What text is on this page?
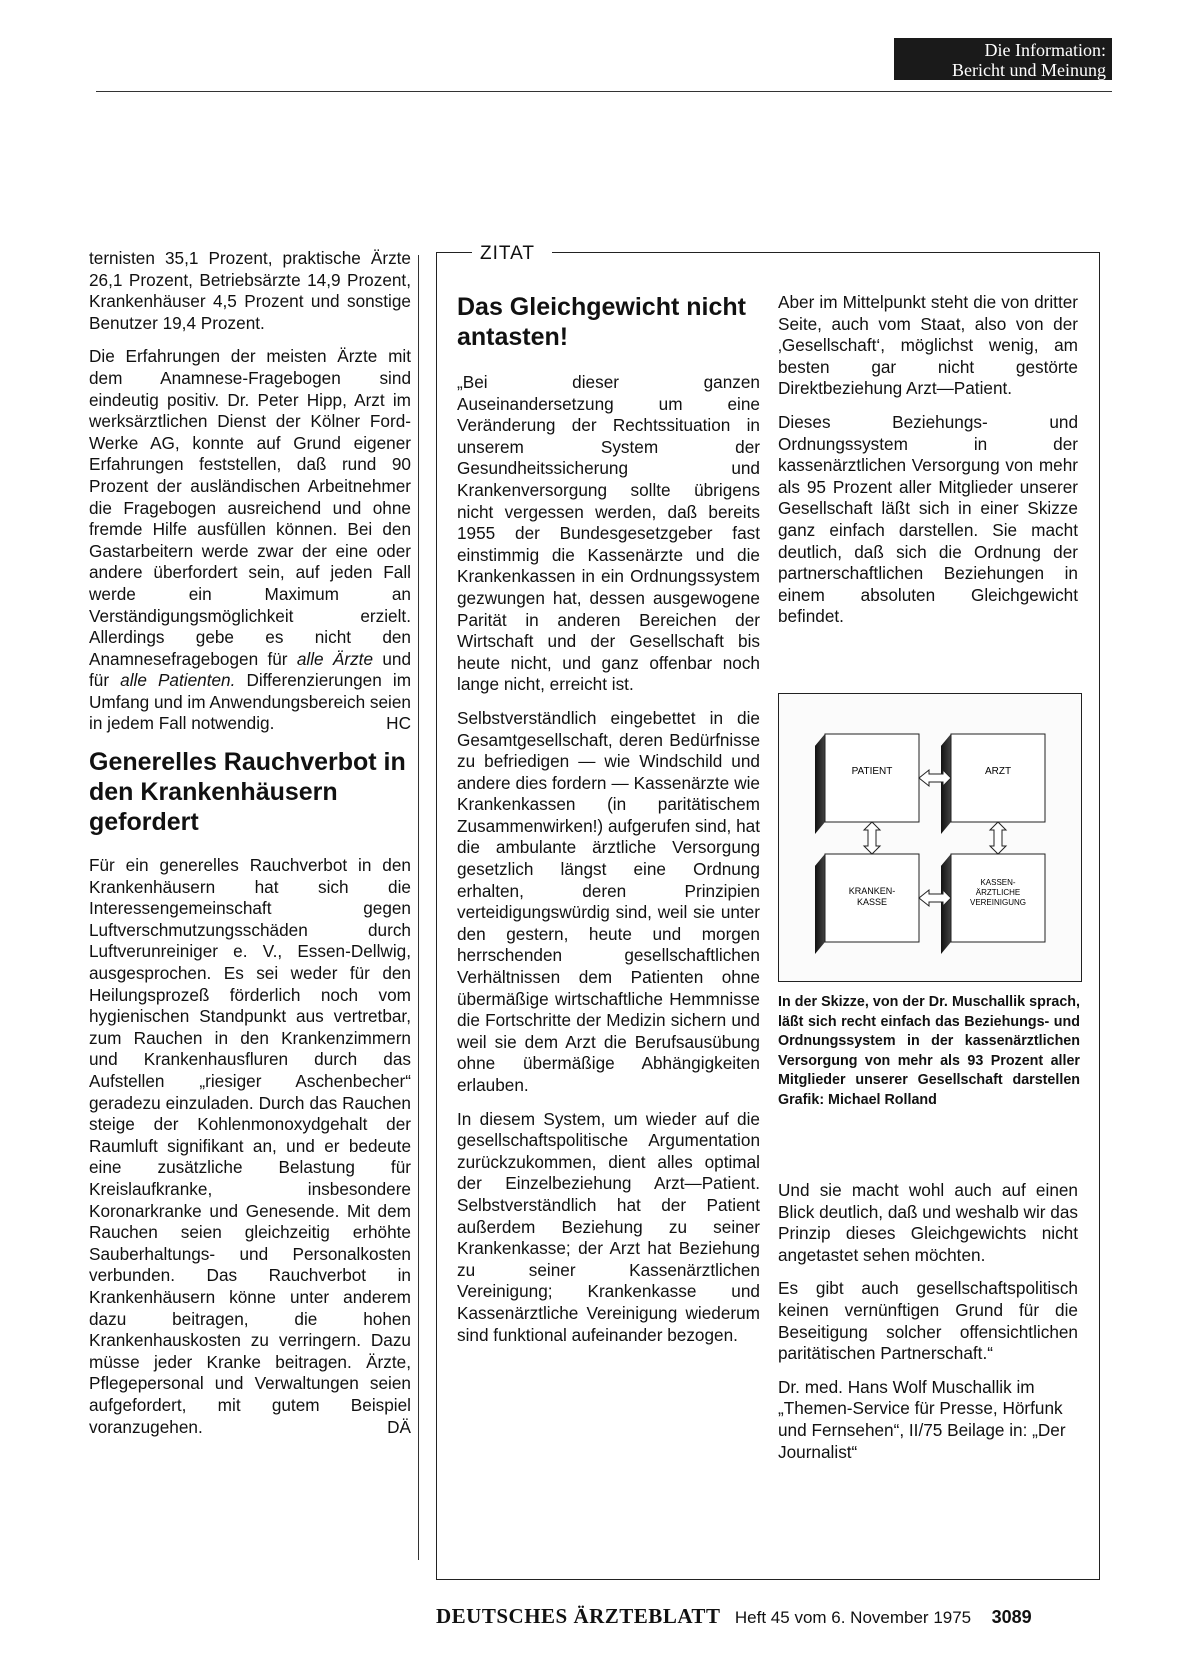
Die Information:
Bericht und Meinung

ternisten 35,1 Prozent, praktische Ärzte 26,1 Prozent, Betriebsärzte 14,9 Prozent, Krankenhäuser 4,5 Prozent und sonstige Benutzer 19,4 Prozent.

Die Erfahrungen der meisten Ärzte mit dem Anamnese-Fragebogen sind eindeutig positiv. Dr. Peter Hipp, Arzt im werksärztlichen Dienst der Kölner Ford-Werke AG, konnte auf Grund eigener Erfahrungen feststellen, daß rund 90 Prozent der ausländischen Arbeitnehmer die Fragebogen ausreichend und ohne fremde Hilfe ausfüllen können. Bei den Gastarbeitern werde zwar der eine oder andere überfordert sein, auf jeden Fall werde ein Maximum an Verständigungsmöglichkeit erzielt. Allerdings gebe es nicht den Anamnesefragebogen für alle Ärzte und für alle Patienten. Differenzierungen im Umfang und im Anwendungsbereich seien in jedem Fall notwendig.	HC

Generelles Rauchverbot in den Krankenhäusern gefordert

Für ein generelles Rauchverbot in den Krankenhäusern hat sich die Interessengemeinschaft gegen Luftverschmutzungsschäden durch Luftverunreiniger e. V., Essen-Dellwig, ausgesprochen. Es sei weder für den Heilungsprozeß förderlich noch vom hygienischen Standpunkt aus vertretbar, zum Rauchen in den Krankenzimmern und Krankenhausfluren durch das Aufstellen „riesiger Aschenbecher“ geradezu einzuladen. Durch das Rauchen steige der Kohlenmonoxydgehalt der Raumluft signifikant an, und er bedeute eine zusätzliche Belastung für Kreislaufkranke, insbesondere Koronarkranke und Genesende. Mit dem Rauchen seien gleichzeitig erhöhte Sauberhaltungs- und Personalkosten verbunden. Das Rauchverbot in Krankenhäusern könne unter anderem dazu beitragen, die hohen Krankenhauskosten zu verringern. Dazu müsse jeder Kranke beitragen. Ärzte, Pflegepersonal und Verwaltungen seien aufgefordert, mit gutem Beispiel voranzugehen.	DÄ

ZITAT
Das Gleichgewicht nicht antasten!

„Bei dieser ganzen Auseinandersetzung um eine Veränderung der Rechtssituation in unserem System der Gesundheitssicherung und Krankenversorgung sollte übrigens nicht vergessen werden, daß bereits 1955 der Bundesgesetzgeber fast einstimmig die Kassenärzte und die Krankenkassen in ein Ordnungssystem gezwungen hat, dessen ausgewogene Parität in anderen Bereichen der Wirtschaft und der Gesellschaft bis heute nicht, und ganz offenbar noch lange nicht, erreicht ist.

Selbstverständlich eingebettet in die Gesamtgesellschaft, deren Bedürfnisse zu befriedigen — wie Windschild und andere dies fordern — Kassenärzte wie Krankenkassen (in paritätischem Zusammenwirken!) aufgerufen sind, hat die ambulante ärztliche Versorgung gesetzlich längst eine Ordnung erhalten, deren Prinzipien verteidigungswürdig sind, weil sie unter den gestern, heute und morgen herrschenden gesellschaftlichen Verhältnissen dem Patienten ohne übermäßige wirtschaftliche Hemmnisse die Fortschritte der Medizin sichern und weil sie dem Arzt die Berufsausübung ohne übermäßige Abhängigkeiten erlauben.

In diesem System, um wieder auf die gesellschaftspolitische Argumentation zurückzukommen, dient alles optimal der Einzelbeziehung Arzt—Patient. Selbstverständlich hat der Patient außerdem Beziehung zu seiner Krankenkasse; der Arzt hat Beziehung zu seiner Kassenärztlichen Vereinigung; Krankenkasse und Kassenärztliche Vereinigung wiederum sind funktional aufeinander bezogen.

Aber im Mittelpunkt steht die von dritter Seite, auch vom Staat, also von der ‚Gesellschaft‘, möglichst wenig, am besten gar nicht gestörte Direktbeziehung Arzt—Patient.

Dieses Beziehungs- und Ordnungssystem in der kassenärztlichen Versorgung von mehr als 95 Prozent aller Mitglieder unserer Gesellschaft läßt sich in einer Skizze ganz einfach darstellen. Sie macht deutlich, daß sich die Ordnung der partnerschaftlichen Beziehungen in einem absoluten Gleichgewicht befindet.

PATIENT	ARZT
KRANKEN-
KASSE
KASSEN-
ÄRZTLICHE
VEREINIGUNG
In der Skizze, von der Dr. Muschallik sprach, läßt sich recht einfach das Beziehungs- und Ordnungssystem in der kassenärztlichen Versorgung von mehr als 93 Prozent aller Mitglieder unserer Gesellschaft darstellen Grafik: Michael Rolland

Und sie macht wohl auch auf einen Blick deutlich, daß und weshalb wir das Prinzip dieses Gleichgewichts nicht angetastet sehen möchten.

Es gibt auch gesellschaftspolitisch keinen vernünftigen Grund für die Beseitigung solcher offensichtlichen paritätischen Partnerschaft.“

Dr. med. Hans Wolf Muschallik im „Themen-Service für Presse, Hörfunk und Fernsehen“, II/75 Beilage in: „Der Journalist“

DEUTSCHES ÄRZTEBLATT Heft 45 vom 6. November 1975 3089
